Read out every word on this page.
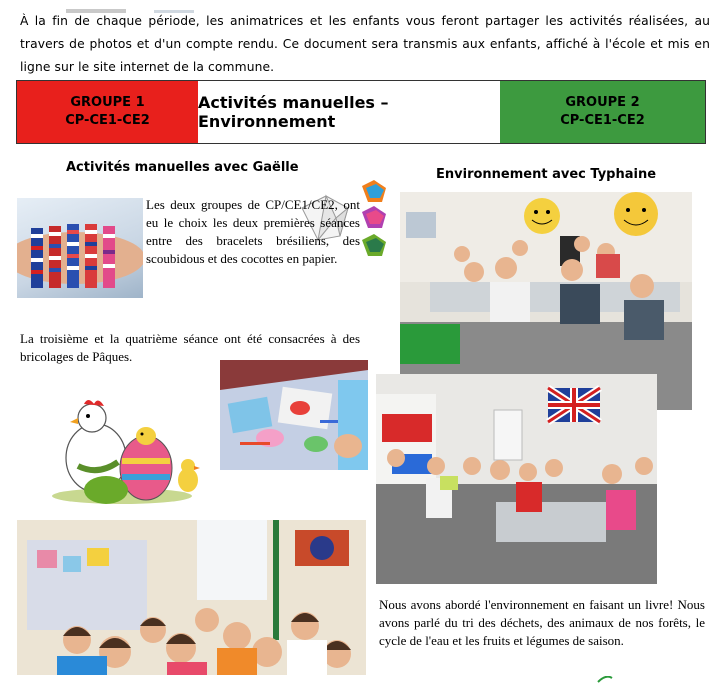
À la fin de chaque période, les animatrices et les enfants vous feront partager les activités réalisées, au travers de photos et d'un compte rendu. Ce document sera transmis aux enfants, affiché à l'école et mis en ligne sur le site internet de la commune.
GROUPE 1
CP-CE1-CE2
Activités manuelles –Environnement
GROUPE 2
CP-CE1-CE2
Activités manuelles avec Gaëlle	Environnement avec Typhaine
Les deux groupes de CP/CE1/CE2, ont eu le choix les deux premières séances entre des bracelets brésiliens, des scoubidous et des cocottes en papier.
La troisième et la quatrième séance ont été consacrées à des bricolages de Pâques.
Nous avons abordé l'environnement en faisant un livre! Nous avons parlé du tri des déchets, des animaux de nos forêts, le cycle de l'eau et les fruits et légumes de saison.
